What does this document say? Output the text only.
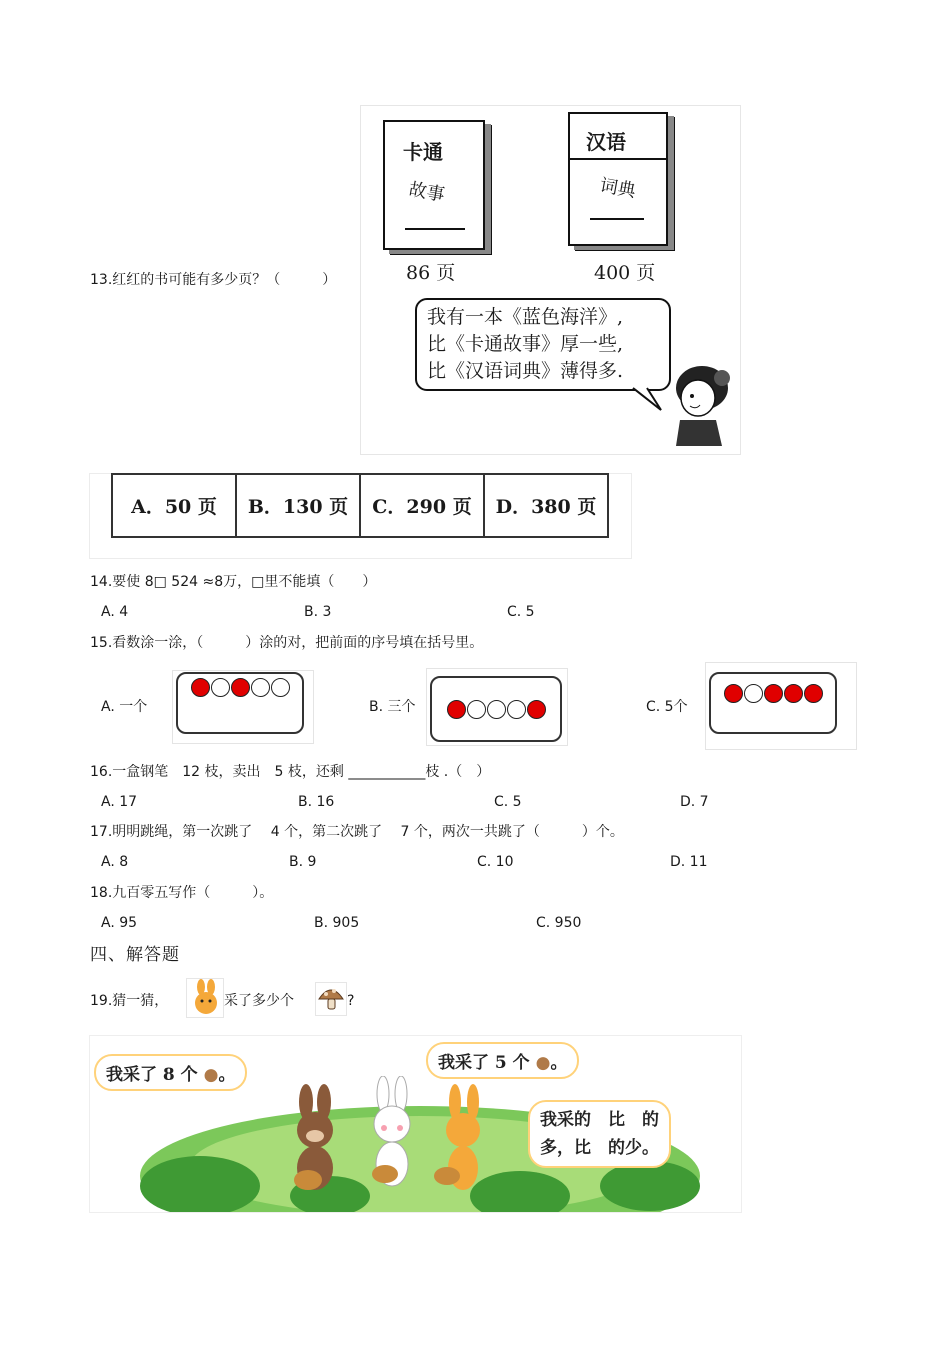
13.红红的书可能有多少页？（　　　）
卡通
故事
86 页
汉语
词典
400 页
我有一本《蓝色海洋》,
比《卡通故事》厚一些,
比《汉语词典》薄得多.
A．50 页	B．130 页	C．290 页	D．380 页
14.要使 8□ 524 ≈8万，□里不能填（　　）
A. 4	B. 3	C. 5
15.看数涂一涂，（　　　）涂的对，把前面的序号填在括号里。
A. 一个	B. 三个	C. 5个
16.一盒钢笔　12 枝，卖出　5 枝，还剩 ___________枝 .（　）
A. 17	B. 16	C. 5	D. 7
17.明明跳绳，第一次跳了　 4 个，第二次跳了　 7 个，两次一共跳了（　　　）个。
A. 8	B. 9	C. 10	D. 11
18.九百零五写作（　　　）。
A. 95	B. 905	C. 950
四、解答题
19.猜一猜，	采了多少个	?
我采了 8 个 ●。
我采了 5 个 ●。
我采的　比　的
多，比　的少。
